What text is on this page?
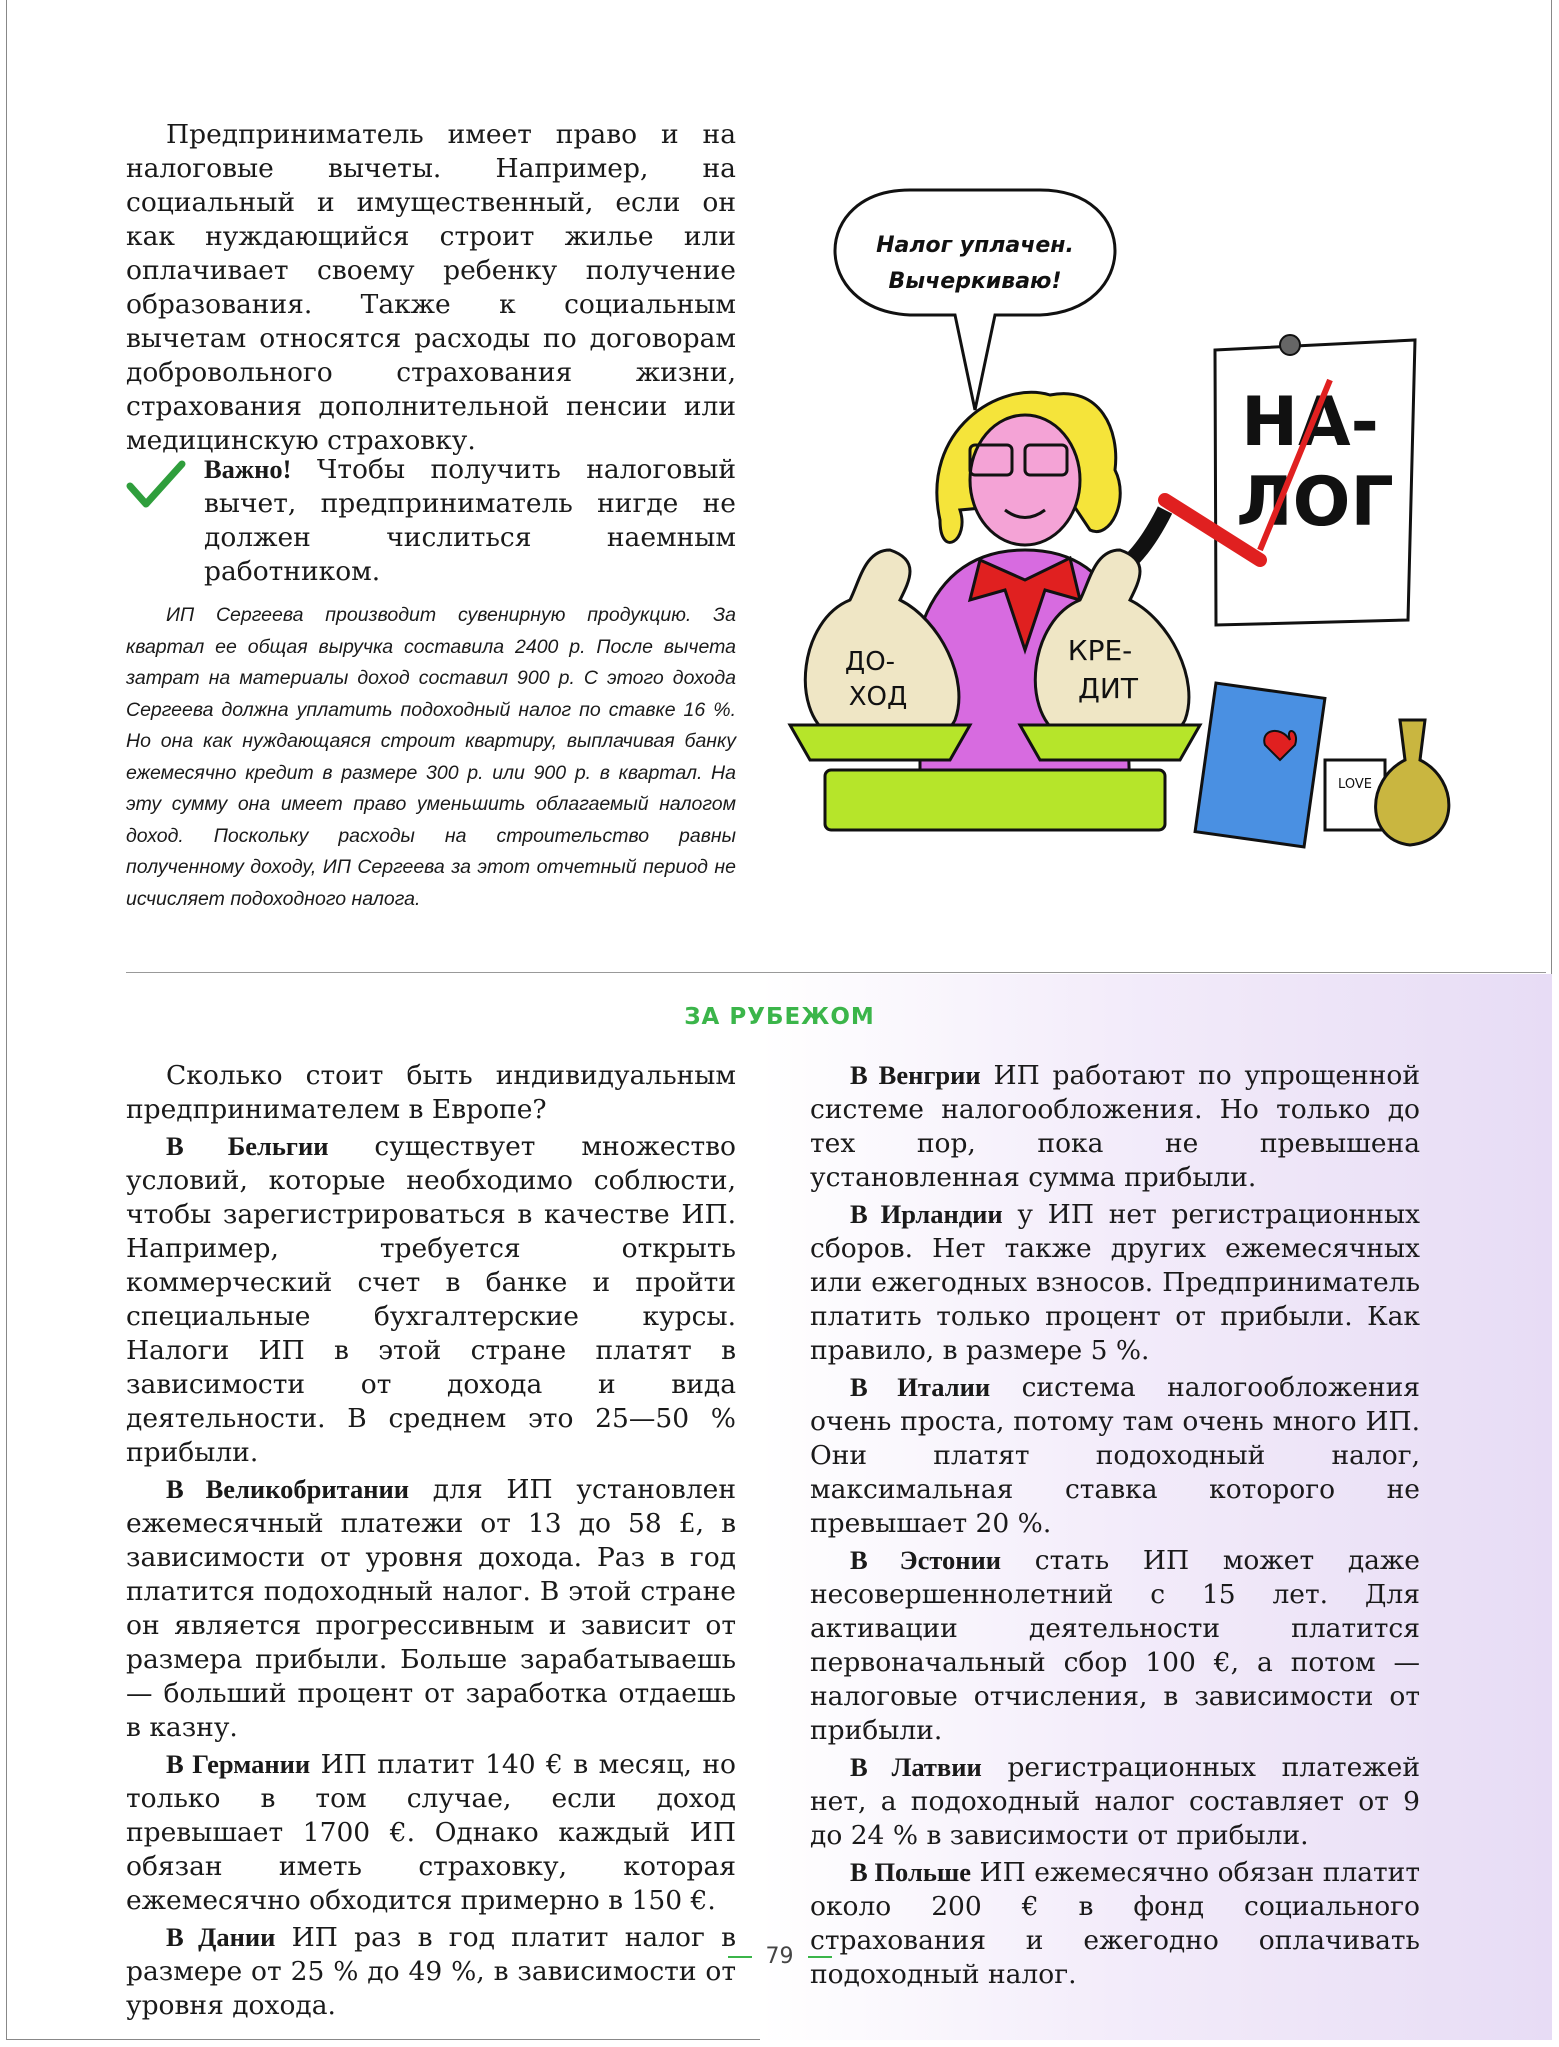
Предприниматель имеет право и на налоговые вычеты. Например, на социальный и имущественный, если он как нуждающийся строит жилье или оплачивает своему ребенку получение образования. Также к социальным вычетам относятся расходы по договорам добровольного страхования жизни, страхования дополнительной пенсии или медицинскую страховку.

Важно! Чтобы получить налоговый вычет, предприниматель нигде не должен числиться наемным работником.

ИП Сергеева производит сувенирную продукцию. За квартал ее общая выручка составила 2400 р. После вычета затрат на материалы доход составил 900 р. С этого дохода Сергеева должна уплатить подоходный налог по ставке 16 %. Но она как нуждающаяся строит квартиру, выплачивая банку ежемесячно кредит в размере 300 р. или 900 р. в квартал. На эту сумму она имеет право уменьшить облагаемый налогом доход. Поскольку расходы на строительство равны полученному доходу, ИП Сергеева за этот отчетный период не исчисляет подоходного налога.

Налог уплачен.
Вычеркиваю!
НА-
ЛОГ
ДО-
ХОД
КРЕ-
ДИТ
LOVE
ЗА РУБЕЖОМ

Сколько стоит быть индивидуальным предпринимателем в Европе?

В Бельгии существует множество условий, которые необходимо соблюсти, чтобы зарегистрироваться в качестве ИП. Например, требуется открыть коммерческий счет в банке и пройти специальные бухгалтерские курсы. Налоги ИП в этой стране платят в зависимости от дохода и вида деятельности. В среднем это 25—50 % прибыли.

В Великобритании для ИП установлен ежемесячный платежи от 13 до 58 £, в зависимости от уровня дохода. Раз в год платится подоходный налог. В этой стране он является прогрессивным и зависит от размера прибыли. Больше зарабатываешь — больший процент от заработка отдаешь в казну.

В Германии ИП платит 140 € в месяц, но только в том случае, если доход превышает 1700 €. Однако каждый ИП обязан иметь страховку, которая ежемесячно обходится примерно в 150 €.

В Дании ИП раз в год платит налог в размере от 25 % до 49 %, в зависимости от уровня дохода.

В Венгрии ИП работают по упрощенной системе налогообложения. Но только до тех пор, пока не превышена установленная сумма прибыли.

В Ирландии у ИП нет регистрационных сборов. Нет также других ежемесячных или ежегодных взносов. Предприниматель платить только процент от прибыли. Как правило, в размере 5 %.

В Италии система налогообложения очень проста, потому там очень много ИП. Они платят подоходный налог, максимальная ставка которого не превышает 20 %.

В Эстонии стать ИП может даже несовершеннолетний с 15 лет. Для активации деятельности платится первоначальный сбор 100 €, а потом — налоговые отчисления, в зависимости от прибыли.

В Латвии регистрационных платежей нет, а подоходный налог составляет от 9 до 24 % в зависимости от прибыли.

В Польше ИП ежемесячно обязан платит около 200 € в фонд социального страхования и ежегодно оплачивать подоходный налог.

79
